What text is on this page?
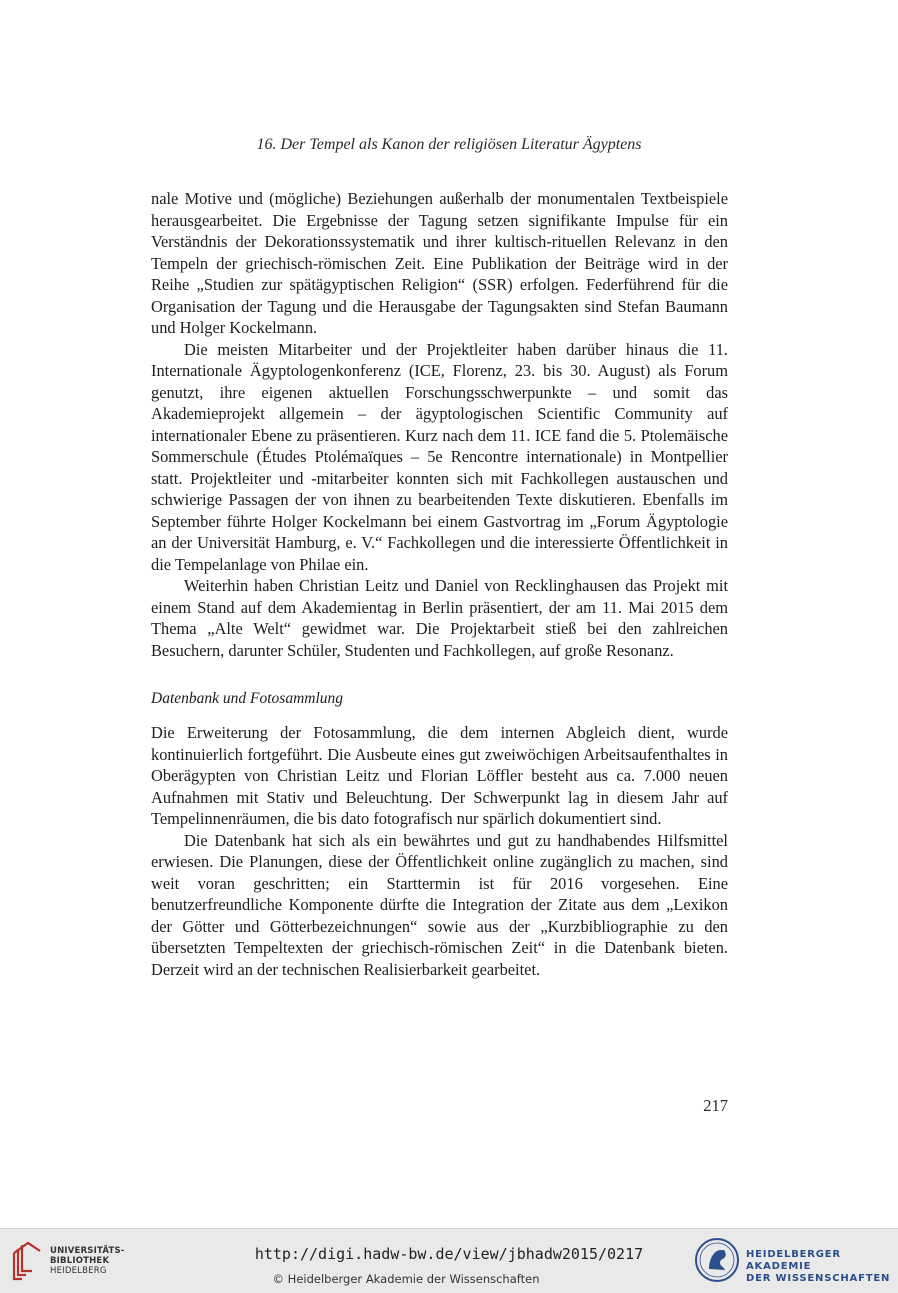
16. Der Tempel als Kanon der religiösen Literatur Ägyptens

nale Motive und (mögliche) Beziehungen außerhalb der monumentalen Textbeispiele herausgearbeitet. Die Ergebnisse der Tagung setzen signifikante Impulse für ein Verständnis der Dekorationssystematik und ihrer kultisch-rituellen Relevanz in den Tempeln der griechisch-römischen Zeit. Eine Publikation der Beiträge wird in der Reihe „Studien zur spätägyptischen Religion“ (SSR) erfolgen. Federführend für die Organisation der Tagung und die Herausgabe der Tagungsakten sind Stefan Baumann und Holger Kockelmann.

Die meisten Mitarbeiter und der Projektleiter haben darüber hinaus die 11. Internationale Ägyptologenkonferenz (ICE, Florenz, 23. bis 30. August) als Forum genutzt, ihre eigenen aktuellen Forschungsschwerpunkte – und somit das Akademieprojekt allgemein – der ägyptologischen Scientific Community auf internationaler Ebene zu präsentieren. Kurz nach dem 11. ICE fand die 5. Ptolemäische Sommerschule (Études Ptolémaïques – 5e Rencontre internationale) in Montpellier statt. Projektleiter und -mitarbeiter konnten sich mit Fachkollegen austauschen und schwierige Passagen der von ihnen zu bearbeitenden Texte diskutieren. Ebenfalls im September führte Holger Kockelmann bei einem Gastvortrag im „Forum Ägyptologie an der Universität Hamburg, e. V.“ Fachkollegen und die interessierte Öffentlichkeit in die Tempelanlage von Philae ein.

Weiterhin haben Christian Leitz und Daniel von Recklinghausen das Projekt mit einem Stand auf dem Akademientag in Berlin präsentiert, der am 11. Mai 2015 dem Thema „Alte Welt“ gewidmet war. Die Projektarbeit stieß bei den zahlreichen Besuchern, darunter Schüler, Studenten und Fachkollegen, auf große Resonanz.

Datenbank und Fotosammlung

Die Erweiterung der Fotosammlung, die dem internen Abgleich dient, wurde kontinuierlich fortgeführt. Die Ausbeute eines gut zweiwöchigen Arbeitsaufenthaltes in Oberägypten von Christian Leitz und Florian Löffler besteht aus ca. 7.000 neuen Aufnahmen mit Stativ und Beleuchtung. Der Schwerpunkt lag in diesem Jahr auf Tempelinnenräumen, die bis dato fotografisch nur spärlich dokumentiert sind.

Die Datenbank hat sich als ein bewährtes und gut zu handhabendes Hilfsmittel erwiesen. Die Planungen, diese der Öffentlichkeit online zugänglich zu machen, sind weit voran geschritten; ein Starttermin ist für 2016 vorgesehen. Eine benutzerfreundliche Komponente dürfte die Integration der Zitate aus dem „Lexikon der Götter und Götterbezeichnungen“ sowie aus der „Kurzbibliographie zu den übersetzten Tempeltexten der griechisch-römischen Zeit“ in die Datenbank bieten. Derzeit wird an der technischen Realisierbarkeit gearbeitet.

217
UNIVERSITÄTS-
BIBLIOTHEK
HEIDELBERG
http://digi.hadw-bw.de/view/jbhadw2015/0217
© Heidelberger Akademie der Wissenschaften
HEIDELBERGER AKADEMIE
DER WISSENSCHAFTEN
